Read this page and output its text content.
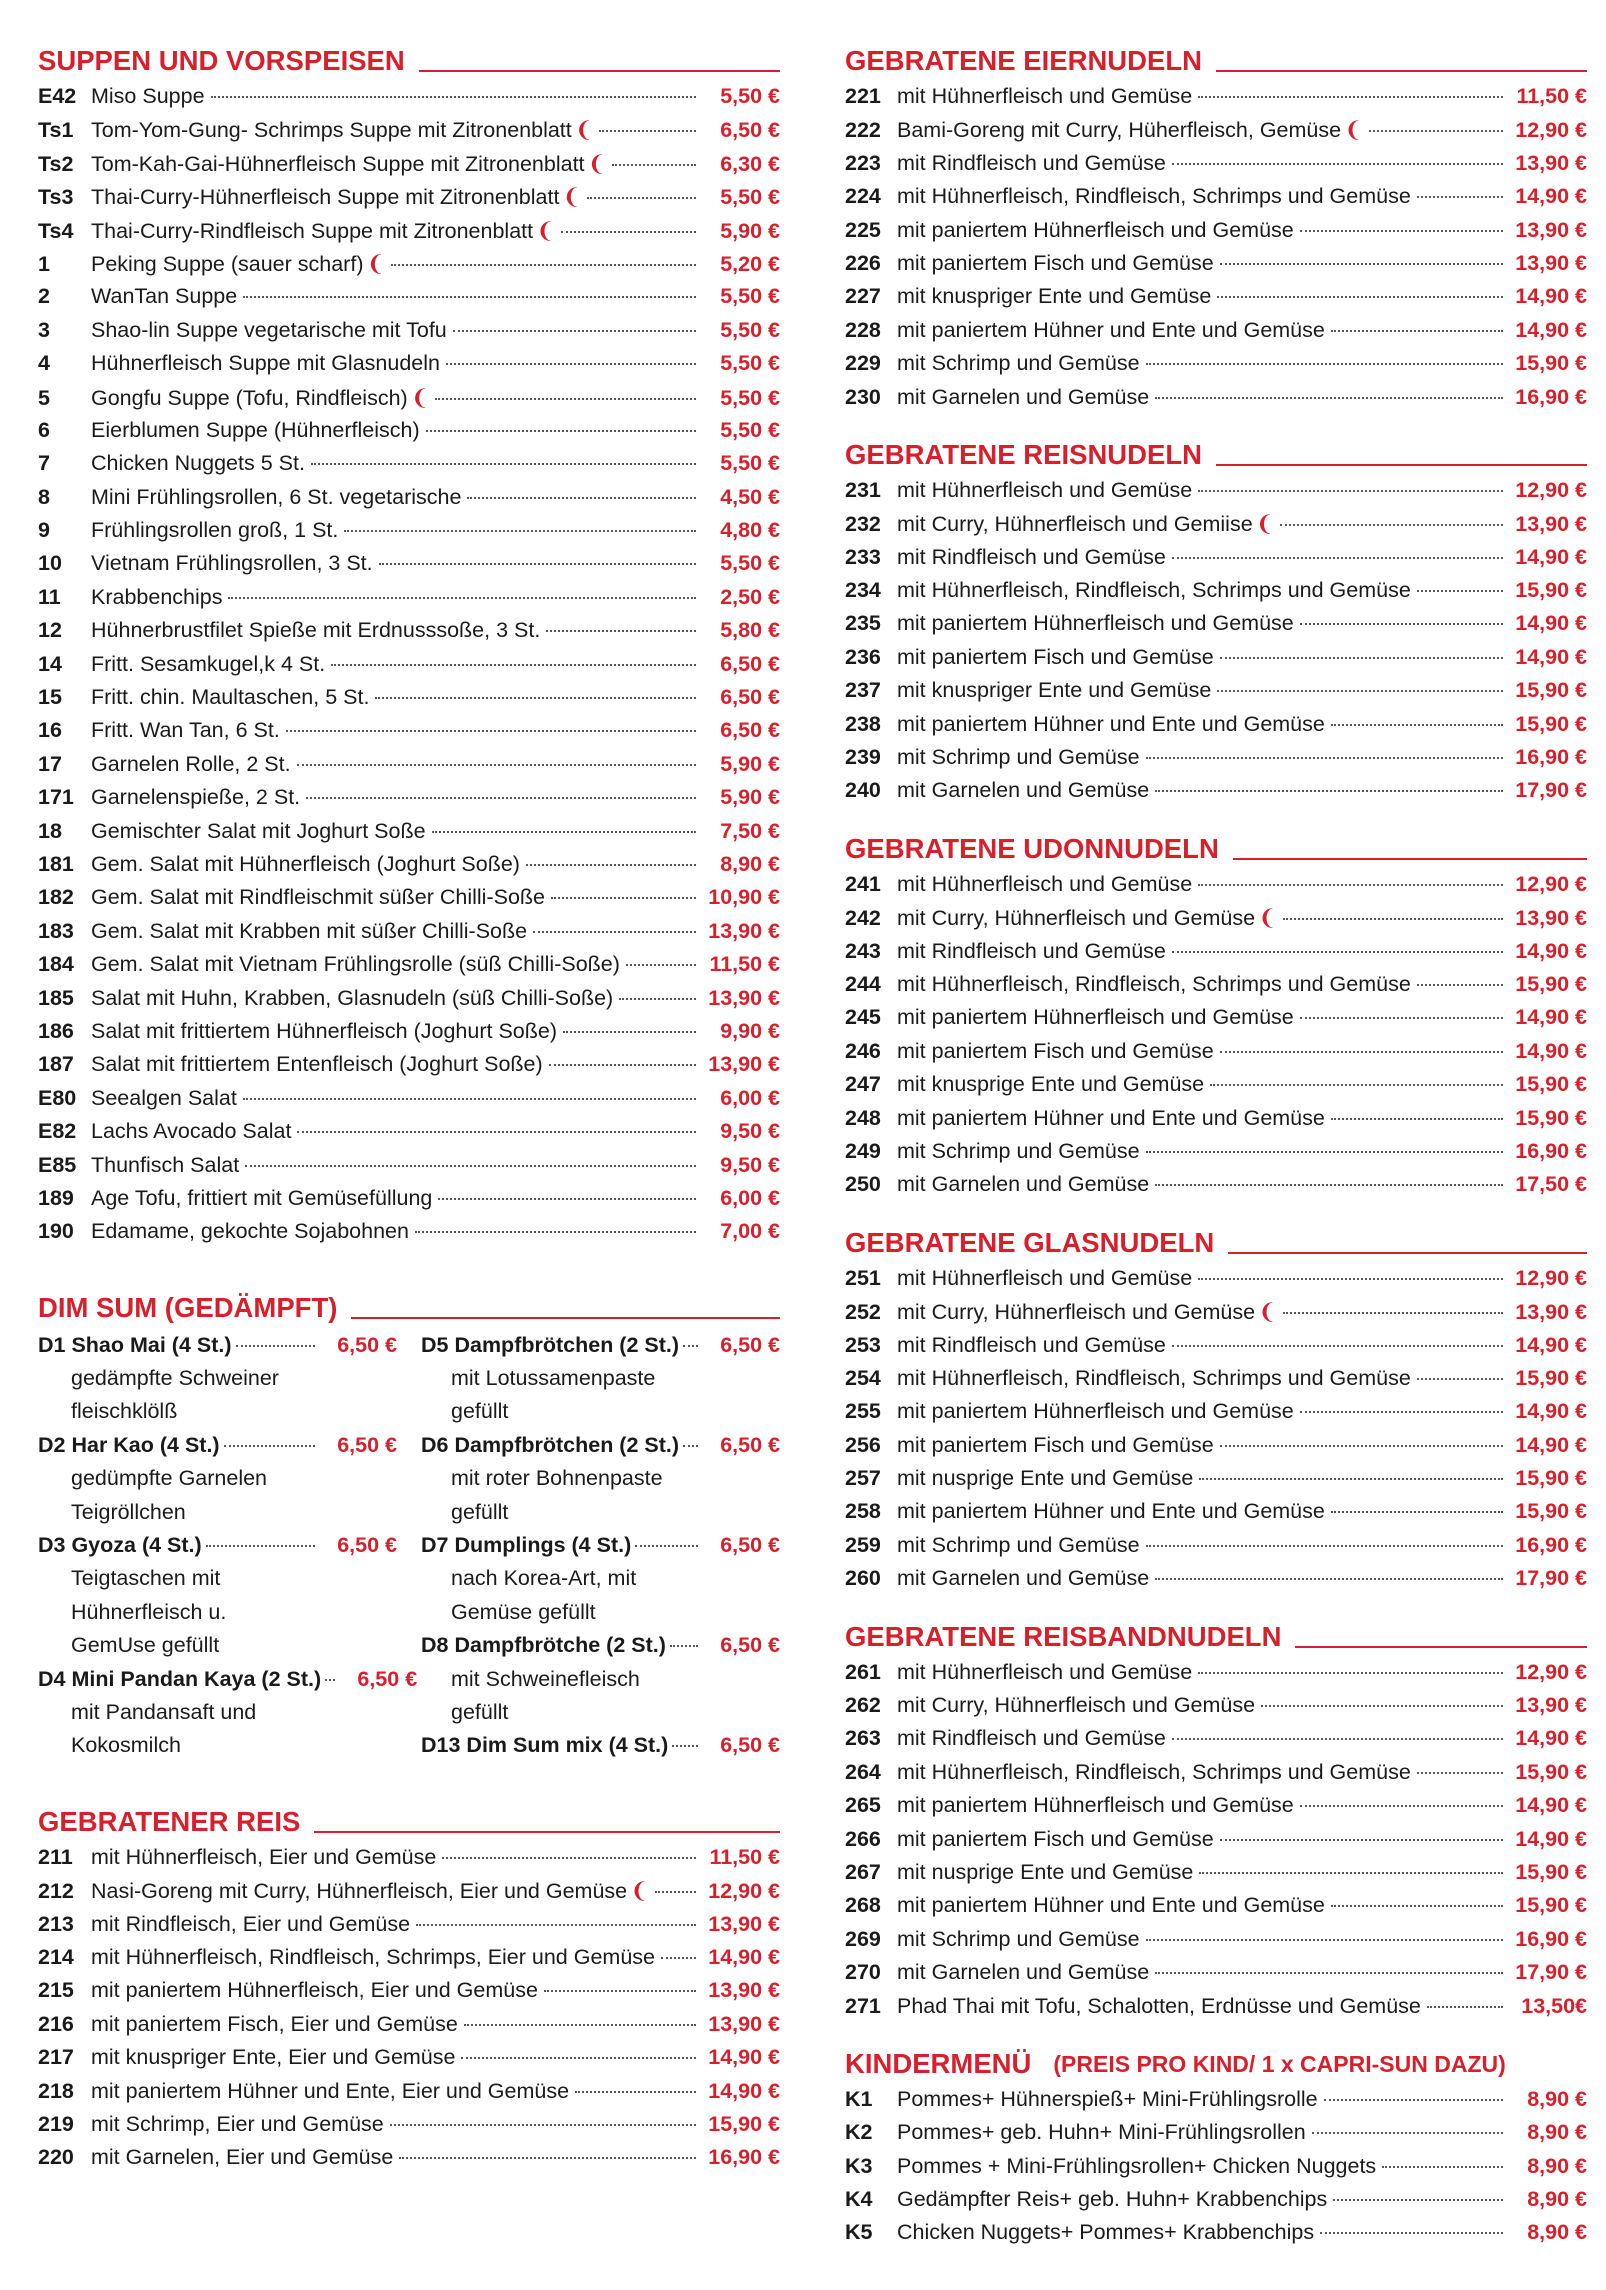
SUPPEN UND VORSPEISEN
E42 Miso Suppe	5,50 €
Ts1 Tom-Yom-Gung- Schrimps Suppe mit Zitronenblatt ❨	6,50 €
Ts2 Tom-Kah-Gai-Hühnerfleisch Suppe mit Zitronenblatt ❨	6,30 €
Ts3 Thai-Curry-Hühnerfleisch Suppe mit Zitronenblatt ❨	5,50 €
Ts4 Thai-Curry-Rindfleisch Suppe mit Zitronenblatt ❨	5,90 €
1	Peking Suppe (sauer scharf) ❨	5,20 €
2	WanTan Suppe	5,50 €
3	Shao-lin Suppe vegetarische mit Tofu	5,50 €
4	Hühnerfleisch Suppe mit Glasnudeln	5,50 €
5	Gongfu Suppe (Tofu, Rindfleisch) ❨	5,50 €
6	Eierblumen Suppe (Hühnerfleisch)	5,50 €
7	Chicken Nuggets 5 St.	5,50 €
8	Mini Frühlingsrollen, 6 St. vegetarische	4,50 €
9	Frühlingsrollen groß, 1 St.	4,80 €
10	Vietnam Frühlingsrollen, 3 St.	5,50 €
11	Krabbenchips	2,50 €
12	Hühnerbrustfilet Spieße mit Erdnusssoße, 3 St.	5,80 €
14	Fritt. Sesamkugel,k 4 St.	6,50 €
15	Fritt. chin. Maultaschen, 5 St.	6,50 €
16	Fritt. Wan Tan, 6 St.	6,50 €
17	Garnelen Rolle, 2 St.	5,90 €
171 Garnelenspieße, 2 St.	5,90 €
18	Gemischter Salat mit Joghurt Soße	7,50 €
181 Gem. Salat mit Hühnerfleisch (Joghurt Soße)	8,90 €
182 Gem. Salat mit Rindfleischmit süßer Chilli-Soße	10,90 €
183 Gem. Salat mit Krabben mit süßer Chilli-Soße	13,90 €
184 Gem. Salat mit Vietnam Frühlingsrolle (süß Chilli-Soße)	11,50 €
185 Salat mit Huhn, Krabben, Glasnudeln (süß Chilli-Soße)	13,90 €
186 Salat mit frittiertem Hühnerfleisch (Joghurt Soße)	9,90 €
187 Salat mit frittiertem Entenfleisch (Joghurt Soße)	13,90 €
E80 Seealgen Salat	6,00 €
E82 Lachs Avocado Salat	9,50 €
E85 Thunfisch Salat	9,50 €
189 Age Tofu, frittiert mit Gemüsefüllung	6,00 €
190 Edamame, gekochte Sojabohnen	7,00 €
DIM SUM (GEDÄMPFT)
D1 Shao Mai (4 St.)	6,50 €
gedämpfte Schweiner
fleischklölß
D2 Har Kao (4 St.)	6,50 €
gedümpfte Garnelen
Teigröllchen
D3 Gyoza (4 St.)	6,50 €
Teigtaschen mit
Hühnerfleisch u.
GemUse gefüllt
D4 Mini Pandan Kaya (2 St.)	6,50 €
mit Pandansaft und
Kokosmilch
D5 Dampfbrötchen (2 St.)	6,50 €
mit Lotussamenpaste
gefüllt
D6 Dampfbrötchen (2 St.)	6,50 €
mit roter Bohnenpaste
gefüllt
D7 Dumplings (4 St.)	6,50 €
nach Korea-Art, mit
Gemüse gefüllt
D8 Dampfbrötche (2 St.)	6,50 €
mit Schweinefleisch
gefüllt
D13 Dim Sum mix (4 St.)	6,50 €
GEBRATENER REIS
211 mit Hühnerfleisch, Eier und Gemüse	11,50 €
212 Nasi-Goreng mit Curry, Hühnerfleisch, Eier und Gemüse ❨	12,90 €
213 mit Rindfleisch, Eier und Gemüse	13,90 €
214 mit Hühnerfleisch, Rindfleisch, Schrimps, Eier und Gemüse 14,90 €
215 mit paniertem Hühnerfleisch, Eier und Gemüse	13,90 €
216 mit paniertem Fisch, Eier und Gemüse	13,90 €
217 mit knuspriger Ente, Eier und Gemüse	14,90 €
218 mit paniertem Hühner und Ente, Eier und Gemüse	14,90 €
219 mit Schrimp, Eier und Gemüse	15,90 €
220 mit Garnelen, Eier und Gemüse	16,90 €
GEBRATENE EIERNUDELN
221 mit Hühnerfleisch und Gemüse	11,50 €
222 Bami-Goreng mit Curry, Hüherfleisch, Gemüse ❨	12,90 €
223 mit Rindfleisch und Gemüse	13,90 €
224 mit Hühnerfleisch, Rindfleisch, Schrimps und Gemüse	14,90 €
225 mit paniertem Hühnerfleisch und Gemüse	13,90 €
226 mit paniertem Fisch und Gemüse	13,90 €
227 mit knuspriger Ente und Gemüse	14,90 €
228 mit paniertem Hühner und Ente und Gemüse	14,90 €
229 mit Schrimp und Gemüse	15,90 €
230 mit Garnelen und Gemüse	16,90 €
GEBRATENE REISNUDELN
231 mit Hühnerfleisch und Gemüse	12,90 €
232 mit Curry, Hühnerfleisch und Gemiise ❨	13,90 €
233 mit Rindfleisch und Gemüse	14,90 €
234 mit Hühnerfleisch, Rindfleisch, Schrimps und Gemüse	15,90 €
235 mit paniertem Hühnerfleisch und Gemüse	14,90 €
236 mit paniertem Fisch und Gemüse	14,90 €
237 mit knuspriger Ente und Gemüse	15,90 €
238 mit paniertem Hühner und Ente und Gemüse	15,90 €
239 mit Schrimp und Gemüse	16,90 €
240 mit Garnelen und Gemüse	17,90 €
GEBRATENE UDONNUDELN
241 mit Hühnerfleisch und Gemüse	12,90 €
242 mit Curry, Hühnerfleisch und Gemüse ❨	13,90 €
243 mit Rindfleisch und Gemüse	14,90 €
244 mit Hühnerfleisch, Rindfleisch, Schrimps und Gemüse	15,90 €
245 mit paniertem Hühnerfleisch und Gemüse	14,90 €
246 mit paniertem Fisch und Gemüse	14,90 €
247 mit knusprige Ente und Gemüse	15,90 €
248 mit paniertem Hühner und Ente und Gemüse	15,90 €
249 mit Schrimp und Gemüse	16,90 €
250 mit Garnelen und Gemüse	17,50 €
GEBRATENE GLASNUDELN
251 mit Hühnerfleisch und Gemüse	12,90 €
252 mit Curry, Hühnerfleisch und Gemüse ❨	13,90 €
253 mit Rindfleisch und Gemüse	14,90 €
254 mit Hühnerfleisch, Rindfleisch, Schrimps und Gemüse	15,90 €
255 mit paniertem Hühnerfleisch und Gemüse	14,90 €
256 mit paniertem Fisch und Gemüse	14,90 €
257 mit nusprige Ente und Gemüse	15,90 €
258 mit paniertem Hühner und Ente und Gemüse	15,90 €
259 mit Schrimp und Gemüse	16,90 €
260 mit Garnelen und Gemüse	17,90 €
GEBRATENE REISBANDNUDELN
261 mit Hühnerfleisch und Gemüse	12,90 €
262 mit Curry, Hühnerfleisch und Gemüse	13,90 €
263 mit Rindfleisch und Gemüse	14,90 €
264 mit Hühnerfleisch, Rindfleisch, Schrimps und Gemüse	15,90 €
265 mit paniertem Hühnerfleisch und Gemüse	14,90 €
266 mit paniertem Fisch und Gemüse	14,90 €
267 mit nusprige Ente und Gemüse	15,90 €
268 mit paniertem Hühner und Ente und Gemüse	15,90 €
269 mit Schrimp und Gemüse	16,90 €
270 mit Garnelen und Gemüse	17,90 €
271 Phad Thai mit Tofu, Schalotten, Erdnüsse und Gemüse	13,50€
KINDERMENÜ (PREIS PRO KIND/ 1 x CAPRI-SUN DAZU)
K1	Pommes+ Hühnerspieß+ Mini-Frühlingsrolle	8,90 €
K2	Pommes+ geb. Huhn+ Mini-Frühlingsrollen	8,90 €
K3	Pommes + Mini-Frühlingsrollen+ Chicken Nuggets	8,90 €
K4	Gedämpfter Reis+ geb. Huhn+ Krabbenchips	8,90 €
K5	Chicken Nuggets+ Pommes+ Krabbenchips	8,90 €
